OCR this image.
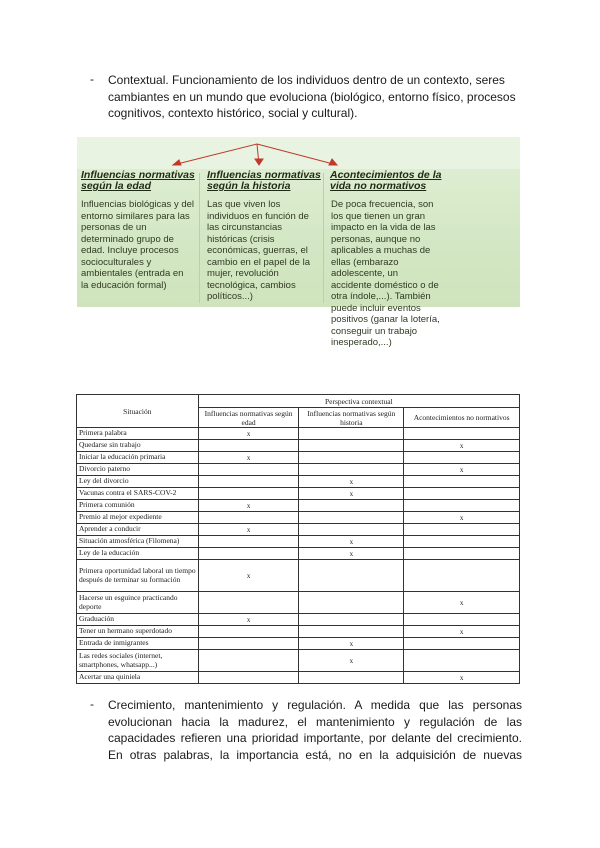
- Contextual. Funcionamiento de los individuos dentro de un contexto, seres
cambiantes en un mundo que evoluciona (biológico, entorno físico, procesos
cognitivos, contexto histórico, social y cultural).
Influencias normativas
según la edad
Influencias normativas
según la historia
Acontecimientos de la
vida no normativos
Influencias biológicas y del
entorno similares para las
personas de un
determinado grupo de
edad. Incluye procesos
socioculturales y
ambientales (entrada en
la educación formal)
Las que viven los
individuos en función de
las circunstancias
históricas (crisis
económicas, guerras, el
cambio en el papel de la
mujer, revolución
tecnológica, cambios
políticos...)
De poca frecuencia, son
los que tienen un gran
impacto en la vida de las
personas, aunque no
aplicables a muchas de
ellas (embarazo
adolescente, un
accidente doméstico o de
otra índole,...). También
puede incluir eventos
positivos (ganar la lotería,
conseguir un trabajo
inesperado,...)
Situación	Perspectiva contextual		
	Influencias normativas según edad	Influencias normativas según historia	Acontecimientos no normativos
Primera palabra	x		
Quedarse sin trabajo			x
Iniciar la educación primaria	x		
Divorcio paterno			x
Ley del divorcio		x	
Vacunas contra el SARS-COV-2		x	
Primera comunión	x		
Premio al mejor expediente			x
Aprender a conducir	x		
Situación atmosférica (Filomena)		x	
Ley de la educación		x	
Primera oportunidad laboral un tiempo después de terminar su formación	x		
Hacerse un esguince practicando deporte			x
Graduación	x		
Tener un hermano superdotado			x
Entrada de inmigrantes		x	
Las redes sociales (internet, smartphones, whatsapp...)		x	
Acertar una quiniela			x
- Crecimiento, mantenimiento y regulación. A medida que las personas
evolucionan hacia la madurez, el mantenimiento y regulación de las
capacidades refieren una prioridad importante, por delante del crecimiento.
En otras palabras, la importancia está, no en la adquisición de nuevas
